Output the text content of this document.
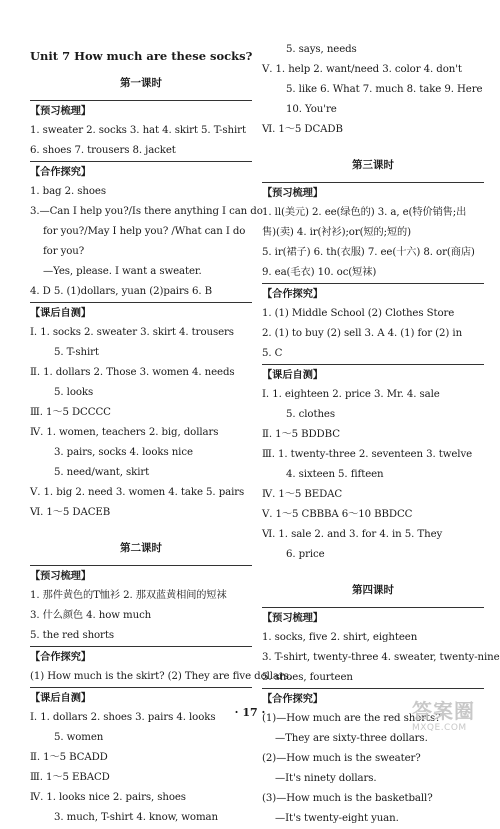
Unit 7 How much are these socks?
第一课时
【预习梳理】
1. sweater 2. socks 3. hat 4. skirt 5. T-shirt
6. shoes 7. trousers 8. jacket
【合作探究】
1. bag 2. shoes
3.—Can I help you?/Is there anything I can do
for you?/May I help you? /What can I do
for you?
—Yes, please. I want a sweater.
4. D 5. (1)dollars, yuan (2)pairs 6. B
【课后自测】
Ⅰ. 1. socks 2. sweater 3. skirt 4. trousers
5. T-shirt
Ⅱ. 1. dollars 2. Those 3. women 4. needs
5. looks
Ⅲ. 1～5 DCCCC
Ⅳ. 1. women, teachers 2. big, dollars
3. pairs, socks 4. looks nice
5. need/want, skirt
Ⅴ. 1. big 2. need 3. women 4. take 5. pairs
Ⅵ. 1～5 DACEB
第二课时
【预习梳理】
1. 那件黄色的T恤衫 2. 那双蓝黄相间的短袜
3. 什么颜色 4. how much
5. the red shorts
【合作探究】
(1) How much is the skirt? (2) They are five dollars.
【课后自测】
Ⅰ. 1. dollars 2. shoes 3. pairs 4. looks
5. women
Ⅱ. 1～5 BCADD
Ⅲ. 1～5 EBACD
Ⅳ. 1. looks nice 2. pairs, shoes
3. much, T-shirt 4. know, woman
5. says, needs
Ⅴ. 1. help 2. want/need 3. color 4. don't
5. like 6. What 7. much 8. take 9. Here
10. You're
Ⅵ. 1～5 DCADB
第三课时
【预习梳理】
1. ll(美元) 2. ee(绿色的) 3. a, e(特价销售;出
售)(卖) 4. ir(衬衫);or(短的;短的)
5. ir(裙子) 6. th(衣服) 7. ee(十六) 8. or(商店)
9. ea(毛衣) 10. oc(短袜)
【合作探究】
1. (1) Middle School (2) Clothes Store
2. (1) to buy (2) sell 3. A 4. (1) for (2) in
5. C
【课后自测】
Ⅰ. 1. eighteen 2. price 3. Mr. 4. sale
5. clothes
Ⅱ. 1～5 BDDBC
Ⅲ. 1. twenty-three 2. seventeen 3. twelve
4. sixteen 5. fifteen
Ⅳ. 1～5 BEDAC
Ⅴ. 1～5 CBBBA 6～10 BBDCC
Ⅵ. 1. sale 2. and 3. for 4. in 5. They
6. price
第四课时
【预习梳理】
1. socks, five 2. shirt, eighteen
3. T-shirt, twenty-three 4. sweater, twenty-nine
5. shoes, fourteen
【合作探究】
(1)—How much are the red shorts?
—They are sixty-three dollars.
(2)—How much is the sweater?
—It's ninety dollars.
(3)—How much is the basketball?
—It's twenty-eight yuan.
· 17 ·	答案圈
MXQE.COM
